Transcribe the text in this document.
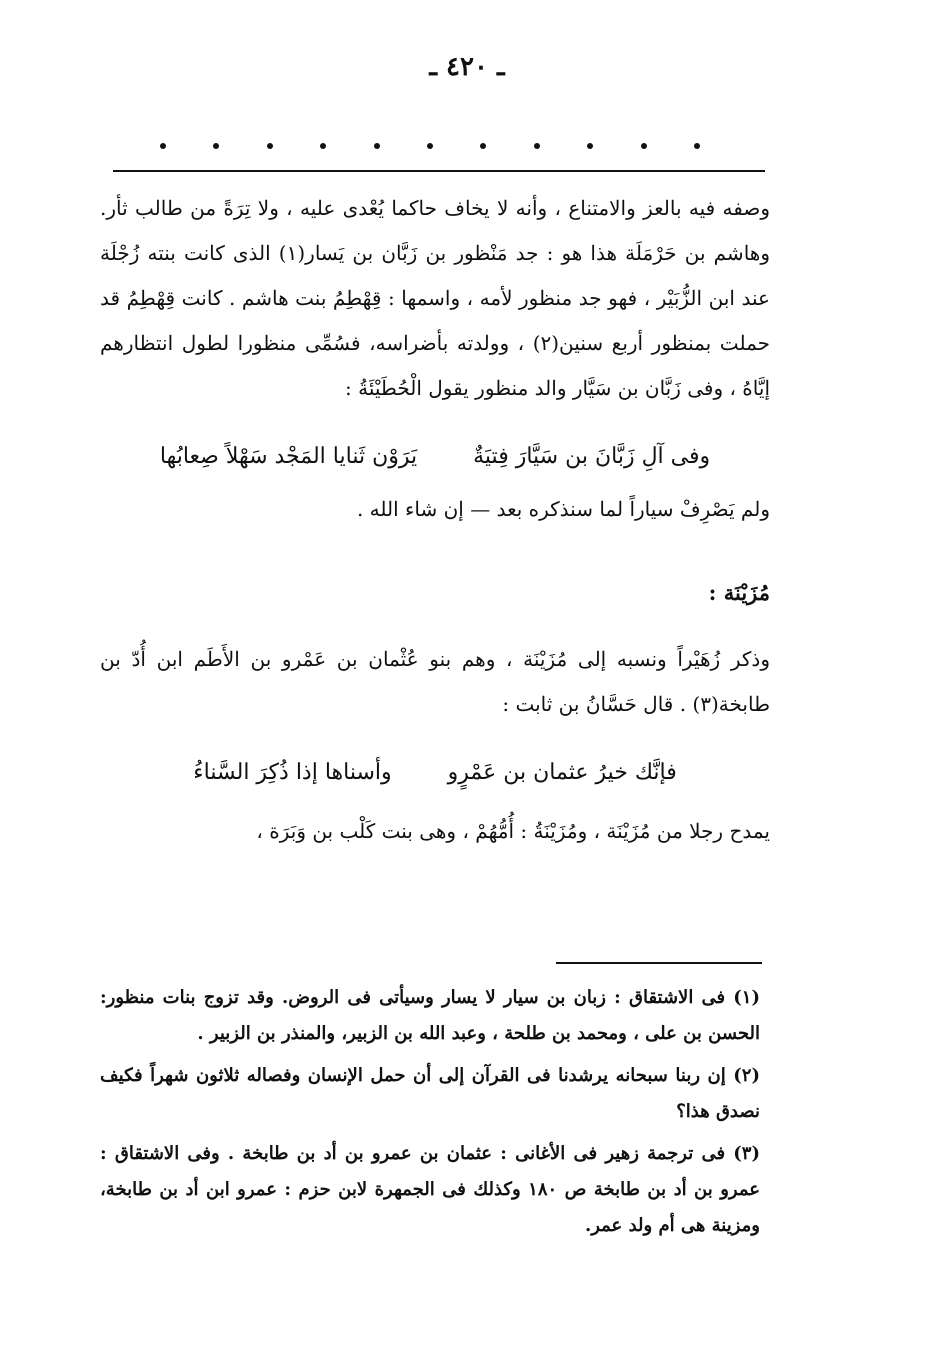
ـ ٤٢٠ ـ

وصفه فيه بالعز والامتناع ، وأنه لا يخاف حاكما يُعْدى عليه ، ولا تِرَةً من طالب ثأر. وهاشم بن حَرْمَلَة هذا هو : جد مَنْظور بن زَبَّان بن يَسار(١) الذى كانت بنته زُجْلَة عند ابن الزُّبَيْر ، فهو جد منظور لأمه ، واسمها : قِهْطِمُ بنت هاشم . كانت قِهْطِمُ قد حملت بمنظور أربع سنين(٢) ، وولدته بأضراسه، فسُمِّى منظورا لطول انتظارهم إيَّاهُ ، وفى زَبَّان بن سَيَّار والد منظور يقول الْحُطَيْئَةُ :

وفى آلِ زَبَّانَ بن سَيَّارَ فِتيَةٌ
يَرَوْن ثَنايا المَجْد سَهْلاً صِعابُها

ولم يَصْرِفْ سياراً لما سنذكره بعد — إن شاء الله .

مُزَيْنَة :

وذكر زُهَيْراً ونسبه إلى مُزَيْنَة ، وهم بنو عُثْمان بن عَمْرو بن الأَطَم ابن أُدّ بن طابخة(٣) . قال حَسَّانُ بن ثابت :

فإنَّك خيرُ عثمان بن عَمْرٍو
وأسناها إذا ذُكِرَ السَّناءُ

يمدح رجلا من مُزَيْنَة ، ومُزَيْنَةُ : أُمُّهُمْ ، وهى بنت كَلْب بن وَبَرَة ،

(١) فى الاشتقاق : زبان بن سيار لا يسار وسيأتى فى الروض. وقد تزوج بنات منظور: الحسن بن على ، ومحمد بن طلحة ، وعبد الله بن الزبير، والمنذر بن الزبير .

(٢) إن ربنا سبحانه يرشدنا فى القرآن إلى أن حمل الإنسان وفصاله ثلاثون شهراً فكيف نصدق هذا؟

(٣) فى ترجمة زهير فى الأغانى : عثمان بن عمرو بن أد بن طابخة . وفى الاشتقاق : عمرو بن أد بن طابخة ص ١٨٠ وكذلك فى الجمهرة لابن حزم : عمرو ابن أد بن طابخة، ومزينة هى أم ولد عمر.
